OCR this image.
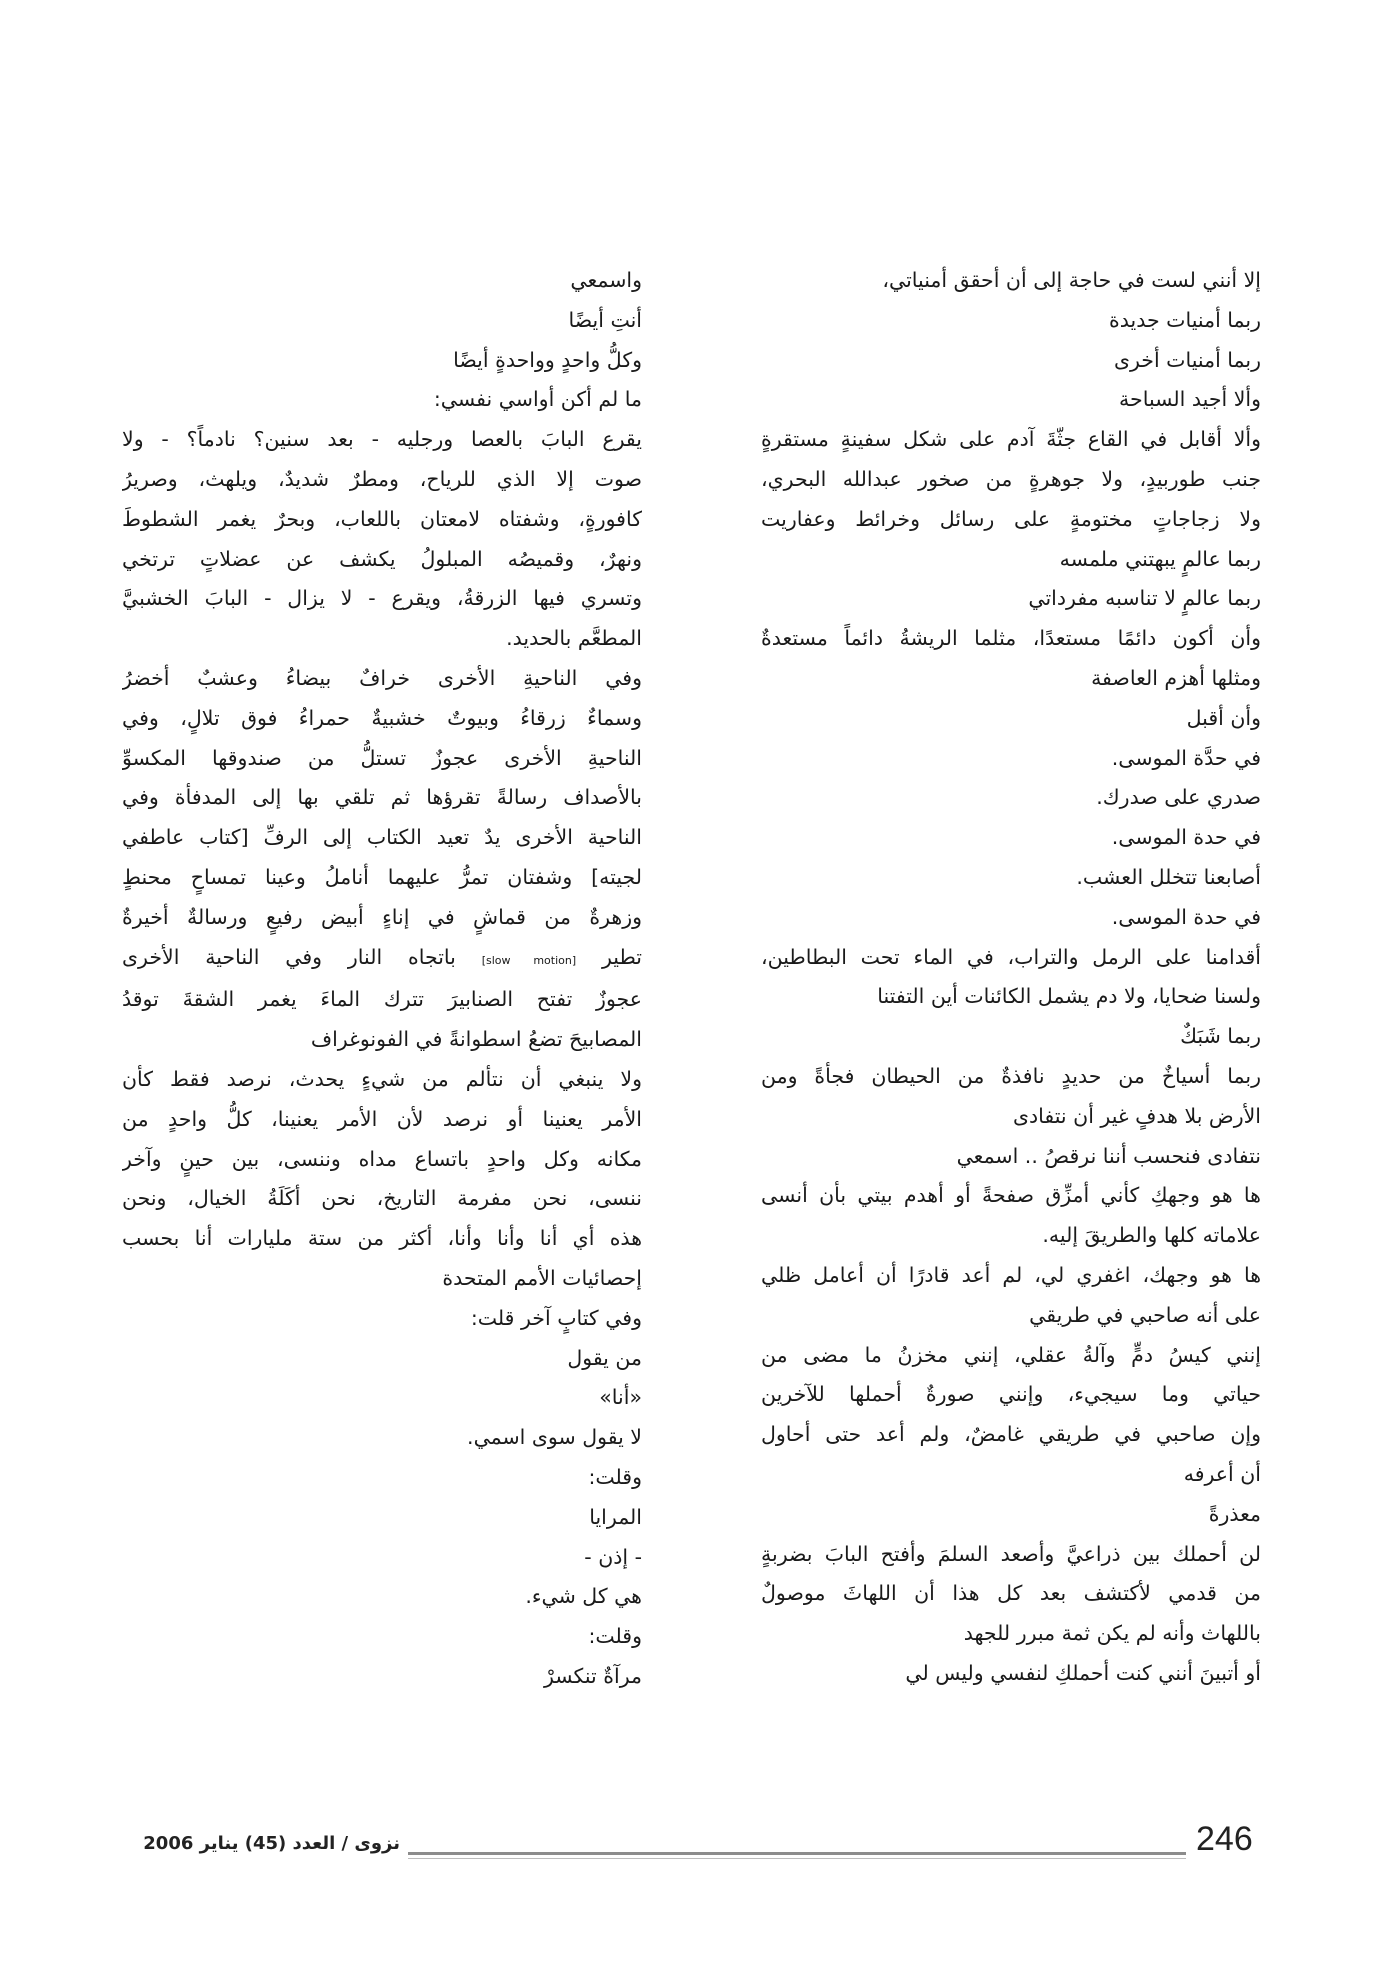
إلا أنني لست في حاجة إلى أن أحقق أمنياتي،
ربما أمنيات جديدة
ربما أمنيات أخرى
وألا أجيد السباحة
وألا أقابل في القاع جثّةَ آدم على شكل سفينةٍ مستقرةٍ
جنب طوربيدٍ، ولا جوهرةٍ من صخور عبدالله البحري،
ولا زجاجاتٍ مختومةٍ على رسائل وخرائط وعفاريت
ربما عالمٍ يبهتني ملمسه
ربما عالمٍ لا تناسبه مفرداتي
وأن أكون دائمًا مستعدًا، مثلما الريشةُ دائماً مستعدةٌ
ومثلها أهزم العاصفة
وأن أقبل
في حدَّة الموسى.
صدري على صدرك.
في حدة الموسى.
أصابعنا تتخلل العشب.
في حدة الموسى.
أقدامنا على الرمل والتراب، في الماء تحت البطاطين،
ولسنا ضحايا، ولا دم يشمل الكائنات أين التفتنا
ربما شَبَكٌ
ربما أسياخٌ من حديدٍ نافذةٌ من الحيطان فجأةً ومن
الأرض بلا هدفٍ غير أن نتفادى
نتفادى فنحسب أننا نرقصُ .. اسمعي
ها هو وجهكِ كأني أمزِّق صفحةً أو أهدم بيتي بأن أنسى
علاماته كلها والطريقَ إليه.
ها هو وجهك، اغفري لي، لم أعد قادرًا أن أعامل ظلي
على أنه صاحبي في طريقي
إنني كيسُ دمٍّ وآلةُ عقلي، إنني مخزنُ ما مضى من
حياتي وما سيجيء، وإنني صورةٌ أحملها للآخرين
وإن صاحبي في طريقي غامضٌ، ولم أعد حتى أحاول
أن أعرفه
معذرةً
لن أحملك بين ذراعيَّ وأصعد السلمَ وأفتح البابَ بضربةٍ
من قدمي لأكتشف بعد كل هذا أن اللهاثَ موصولٌ
باللهاث وأنه لم يكن ثمة مبرر للجهد
أو أتبينَ أنني كنت أحملكِ لنفسي وليس لي
واسمعي
أنتِ أيضًا
وكلُّ واحدٍ وواحدةٍ أيضًا
ما لم أكن أواسي نفسي:
يقرع البابَ بالعصا ورجليه - بعد سنين؟ نادماً؟ - ولا
صوت إلا الذي للرياح، ومطرٌ شديدٌ، ويلهث، وصريرُ
كافورةٍ، وشفتاه لامعتان باللعاب، وبحرٌ يغمر الشطوطَ
ونهرٌ، وقميصُه المبلولُ يكشف عن عضلاتٍ ترتخي
وتسري فيها الزرقةُ، ويقرع - لا يزال - البابَ الخشبيَّ
المطعَّم بالحديد.
وفي الناحيةِ الأخرى خرافٌ بيضاءُ وعشبٌ أخضرُ
وسماءٌ زرقاءُ وبيوتٌ خشبيةٌ حمراءُ فوق تلالٍ، وفي
الناحيةِ الأخرى عجوزٌ تستلُّ من صندوقها المكسوِّ
بالأصداف رسالةً تقرؤها ثم تلقي بها إلى المدفأة وفي
الناحية الأخرى يدٌ تعيد الكتاب إلى الرفِّ [كتاب عاطفي
لجيته] وشفتان تمرُّ عليهما أناملُ وعينا تمساحٍ محنطٍ
وزهرةٌ من قماشٍ في إناءٍ أبيض رفيعٍ ورسالةٌ أخيرةٌ
تطير [slow motion] باتجاه النار وفي الناحية الأخرى
عجوزٌ تفتح الصنابيرَ تترك الماءَ يغمر الشقةَ توقدُ
المصابيحَ تضعُ اسطوانةً في الفونوغراف
ولا ينبغي أن نتألم من شيءٍ يحدث، نرصد فقط كأن
الأمر يعنينا أو نرصد لأن الأمر يعنينا، كلُّ واحدٍ من
مكانه وكل واحدٍ باتساع مداه وننسى، بين حينٍ وآخر
ننسى، نحن مفرمة التاريخ، نحن أكَلَةُ الخيال، ونحن
هذه أي أنا وأنا وأنا، أكثر من ستة مليارات أنا بحسب
إحصائيات الأمم المتحدة
وفي كتابٍ آخر قلت:
من يقول
«أنا»
لا يقول سوى اسمي.
وقلت:
المرايا
- إذن -
هي كل شيء.
وقلت:
مرآةٌ تنكسرْ
246
نزوى / العدد (45) يناير 2006
